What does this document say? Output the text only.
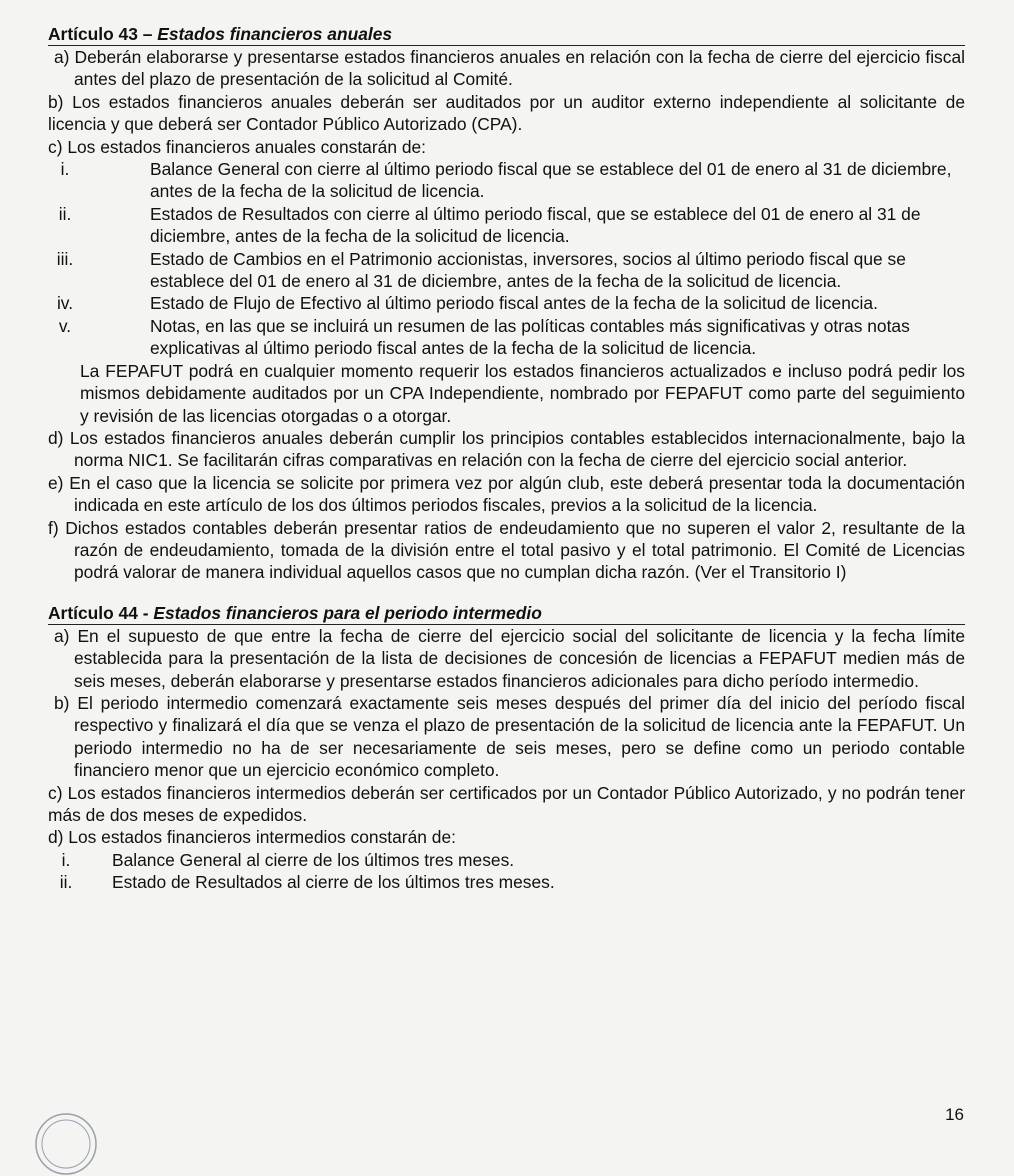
Artículo 43 – Estados financieros anuales

a) Deberán elaborarse y presentarse estados financieros anuales en relación con la fecha de cierre del ejercicio fiscal antes del plazo de presentación de la solicitud al Comité.

b) Los estados financieros anuales deberán ser auditados por un auditor externo independiente al solicitante de licencia y que deberá ser Contador Público Autorizado (CPA).

c) Los estados financieros anuales constarán de:

i.	Balance General con cierre al último periodo fiscal que se establece del 01 de enero al 31 de diciembre, antes de la fecha de la solicitud de licencia.
ii.	Estados de Resultados con cierre al último periodo fiscal, que se establece del 01 de enero al 31 de diciembre, antes de la fecha de la solicitud de licencia.
iii.	Estado de Cambios en el Patrimonio accionistas, inversores, socios al último periodo fiscal que se establece del 01 de enero al 31 de diciembre, antes de la fecha de la solicitud de licencia.
iv.	Estado de Flujo de Efectivo al último periodo fiscal antes de la fecha de la solicitud de licencia.
v.	Notas, en las que se incluirá un resumen de las políticas contables más significativas y otras notas explicativas al último periodo fiscal antes de la fecha de la solicitud de licencia.

La FEPAFUT podrá en cualquier momento requerir los estados financieros actualizados e incluso podrá pedir los mismos debidamente auditados por un CPA Independiente, nombrado por FEPAFUT como parte del seguimiento y revisión de las licencias otorgadas o a otorgar.

d) Los estados financieros anuales deberán cumplir los principios contables establecidos internacionalmente, bajo la norma NIC1. Se facilitarán cifras comparativas en relación con la fecha de cierre del ejercicio social anterior.

e) En el caso que la licencia se solicite por primera vez por algún club, este deberá presentar toda la documentación indicada en este artículo de los dos últimos periodos fiscales, previos a la solicitud de la licencia.

f) Dichos estados contables deberán presentar ratios de endeudamiento que no superen el valor 2, resultante de la razón de endeudamiento, tomada de la división entre el total pasivo y el total patrimonio. El Comité de Licencias podrá valorar de manera individual aquellos casos que no cumplan dicha razón. (Ver el Transitorio I)

Artículo 44 - Estados financieros para el periodo intermedio

a) En el supuesto de que entre la fecha de cierre del ejercicio social del solicitante de licencia y la fecha límite establecida para la presentación de la lista de decisiones de concesión de licencias a FEPAFUT medien más de seis meses, deberán elaborarse y presentarse estados financieros adicionales para dicho período intermedio.

b) El periodo intermedio comenzará exactamente seis meses después del primer día del inicio del período fiscal respectivo y finalizará el día que se venza el plazo de presentación de la solicitud de licencia ante la FEPAFUT. Un periodo intermedio no ha de ser necesariamente de seis meses, pero se define como un periodo contable financiero menor que un ejercicio económico completo.

c) Los estados financieros intermedios deberán ser certificados por un Contador Público Autorizado, y no podrán tener más de dos meses de expedidos.

d) Los estados financieros intermedios constarán de:

i.	Balance General al cierre de los últimos tres meses.
ii. Estado de Resultados al cierre de los últimos tres meses.
16
